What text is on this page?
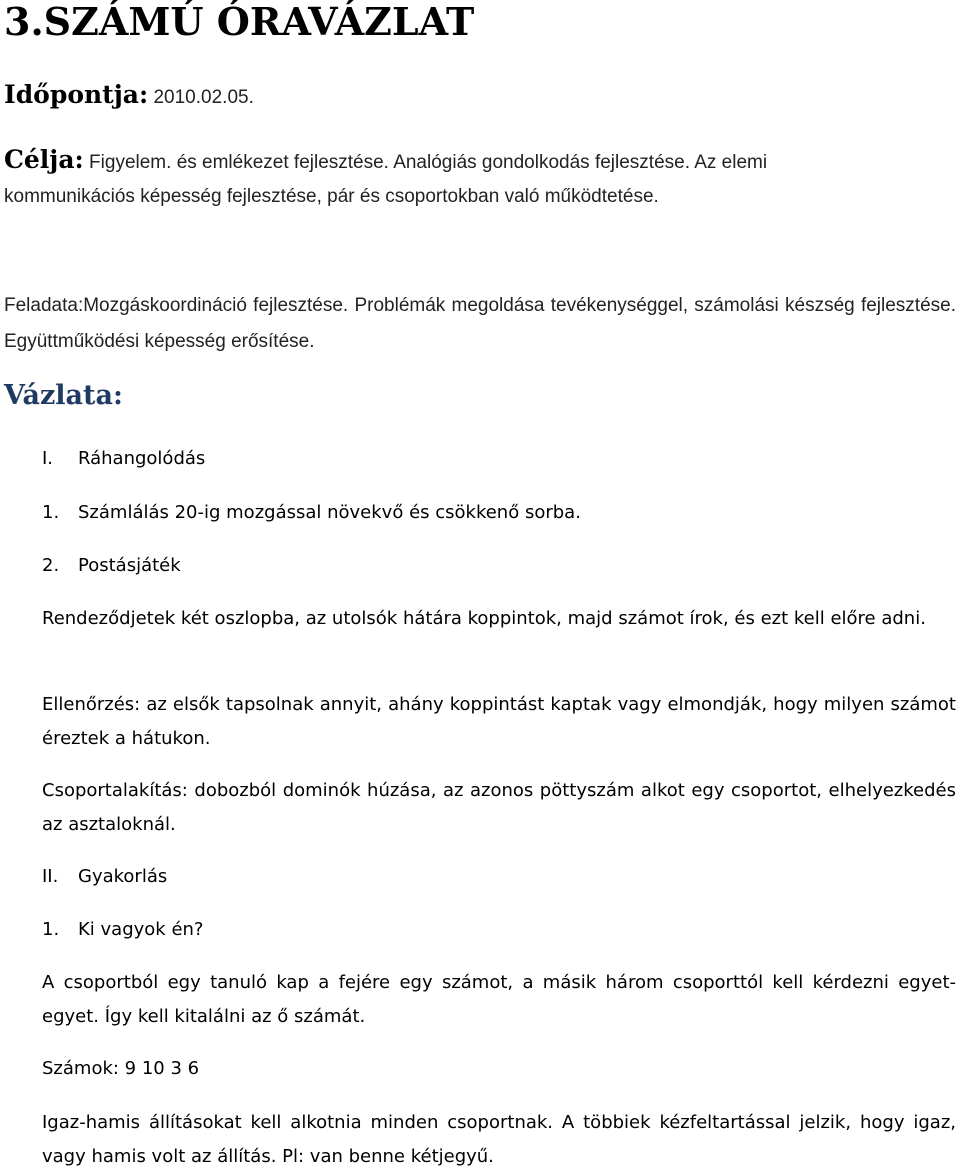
3.SZÁMÚ ÓRAVÁZLAT
Időpontja: 2010.02.05.
Célja: Figyelem. és emlékezet fejlesztése. Analógiás gondolkodás fejlesztése. Az elemi
kommunikációs képesség fejlesztése, pár és csoportokban való működtetése.

Feladata:Mozgáskoordináció fejlesztése. Problémák megoldása tevékenységgel, számolási készség fejlesztése. Együttműködési képesség erősítése.

Vázlata:
I. Ráhangolódás
1. Számlálás 20-ig mozgással növekvő és csökkenő sorba.
2. Postásjáték

Rendeződjetek két oszlopba, az utolsók hátára koppintok, majd számot írok, és ezt kell előre adni.

Ellenőrzés: az elsők tapsolnak annyit, ahány koppintást kaptak vagy elmondják, hogy milyen számot éreztek a hátukon.

Csoportalakítás: dobozból dominók húzása, az azonos pöttyszám alkot egy csoportot, elhelyezkedés az asztaloknál.

II. Gyakorlás
1. Ki vagyok én?

A csoportból egy tanuló kap a fejére egy számot, a másik három csoporttól kell kérdezni egyet-egyet. Így kell kitalálni az ő számát.

Számok: 9 10 3 6

Igaz-hamis állításokat kell alkotnia minden csoportnak. A többiek kézfeltartással jelzik, hogy igaz, vagy hamis volt az állítás. Pl: van benne kétjegyű.
